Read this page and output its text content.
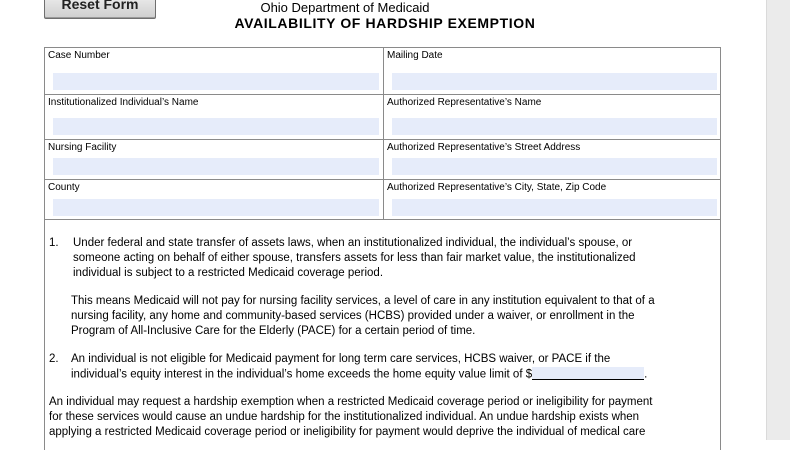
Reset Form	Ohio Department of Medicaid
AVAILABILITY OF HARDSHIP EXEMPTION
Case Number	Mailing Date
Institutionalized Individual’s Name	Authorized Representative’s Name
Nursing Facility	Authorized Representative’s Street Address
County	Authorized Representative’s City, State, Zip Code
1. Under federal and state transfer of assets laws, when an institutionalized individual, the individual’s spouse, or
someone acting on behalf of either spouse, transfers assets for less than fair market value, the institutionalized
individual is subject to a restricted Medicaid coverage period.
This means Medicaid will not pay for nursing facility services, a level of care in any institution equivalent to that of a
nursing facility, any home and community-based services (HCBS) provided under a waiver, or enrollment in the
Program of All-Inclusive Care for the Elderly (PACE) for a certain period of time.
2. An individual is not eligible for Medicaid payment for long term care services, HCBS waiver, or PACE if the
individual’s equity interest in the individual’s home exceeds the home equity value limit of $	.
An individual may request a hardship exemption when a restricted Medicaid coverage period or ineligibility for payment
for these services would cause an undue hardship for the institutionalized individual. An undue hardship exists when
applying a restricted Medicaid coverage period or ineligibility for payment would deprive the individual of medical care
